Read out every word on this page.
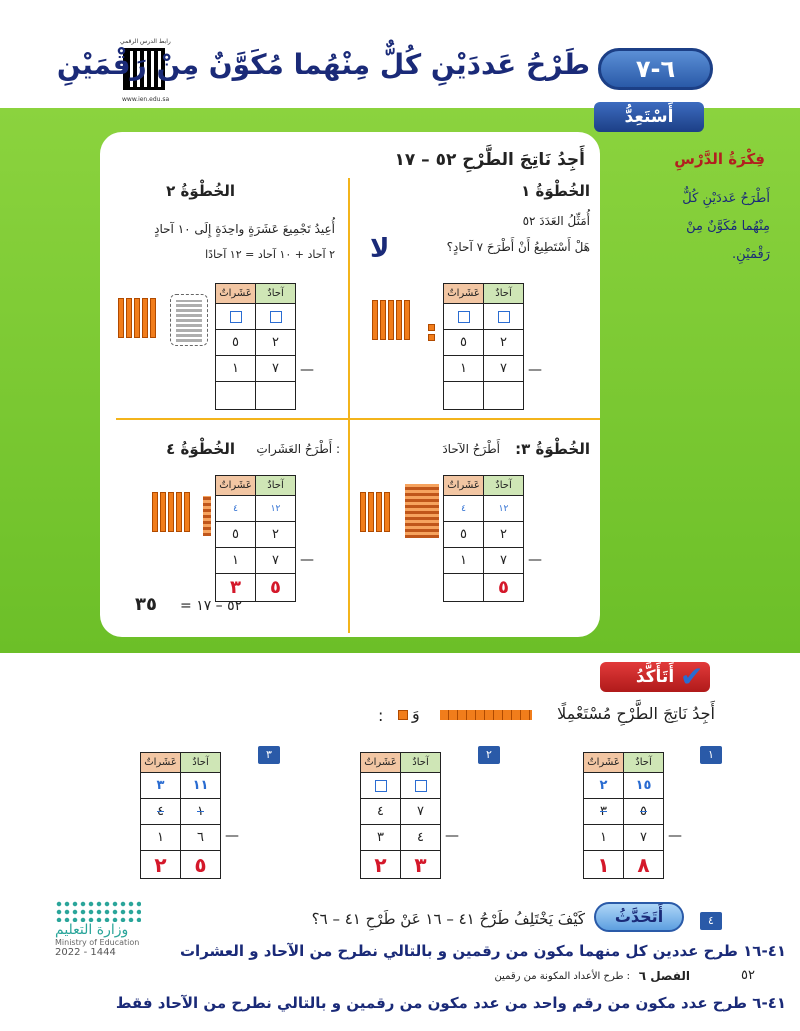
رابط الدرس الرقمي
www.ien.edu.sa
٦-٧
طَرْحُ عَددَيْنِ كُلٌّ مِنْهُما مُكَوَّنٌ مِنْ رَقْمَيْنِ
أَسْتَعِدُّ
فِكْرَةُ الدَّرْسِ
أَطْرَحُ عَددَيْنِ كُلٌّ مِنْهُما مُكَوَّنٌ مِنْ رَقْمَيْنِ.
أَجِدُ نَاتِجَ الطَّرْحِ ٥٢ – ١٧
الخُطْوَةُ ١
أُمَثِّلُ العَدَدَ ٥٢
هَلْ أَسْتَطِيعُ أَنْ أَطْرَحَ ٧ آحادٍ؟
لا
آحادٌ	عَشَراتٌ

٢	٥
٧	١
		—
الخُطْوَةُ ٢
أُعِيدُ تَجْمِيعَ عَشَرَةٍ واحِدَةٍ إِلَى ١٠ آحادٍ
٢ آحاد + ١٠ آحاد = ١٢ آحادًا
آحادٌ	عَشَراتٌ

٢	٥
٧	١
		—
الخُطْوَةُ ٣:
أَطْرَحُ الآحادَ
آحادٌ	عَشَراتٌ
١٢	٤
٢	٥
٧	١
٥	
—
الخُطْوَةُ ٤ : أَطْرَحُ العَشَراتِ
آحادٌ	عَشَراتٌ
١٢	٤
٢	٥
٧	١
٥	٣
—
٥٢ – ١٧ =
٣٥
أَتَأَكَّدُ ✔
أَجِدُ نَاتِجَ الطَّرْحِ مُسْتَعْمِلًا
وَ
:
١
آحادٌ	عَشَراتٌ
١٥	٢
٥	٣
٧	١
٨	١
—
٢
آحادٌ	عَشَراتٌ

٧	٤
٤	٣
٣	٢
—
٣
آحادٌ	عَشَراتٌ
١١	٣
١	٤
٦	١
٥	٢
—
٤
أَتَحَدَّثُ
كَيْفَ يَخْتَلِفُ طَرْحُ ٤١ – ١٦ عَنْ طَرْحِ ٤١ – ٦؟
وزارة التعليم
Ministry of Education
2022 - 1444	٤١-١٦ طرح عددين كل منهما مكون من رقمين و بالتالي نطرح من الآحاد و العشرات
٥٢
الفصل ٦
: طرح الأعداد المكونة من رقمين
٤١-٦ طرح عدد مكون من رقم واحد من عدد مكون من رقمين و بالتالي نطرح من الآحاد فقط
